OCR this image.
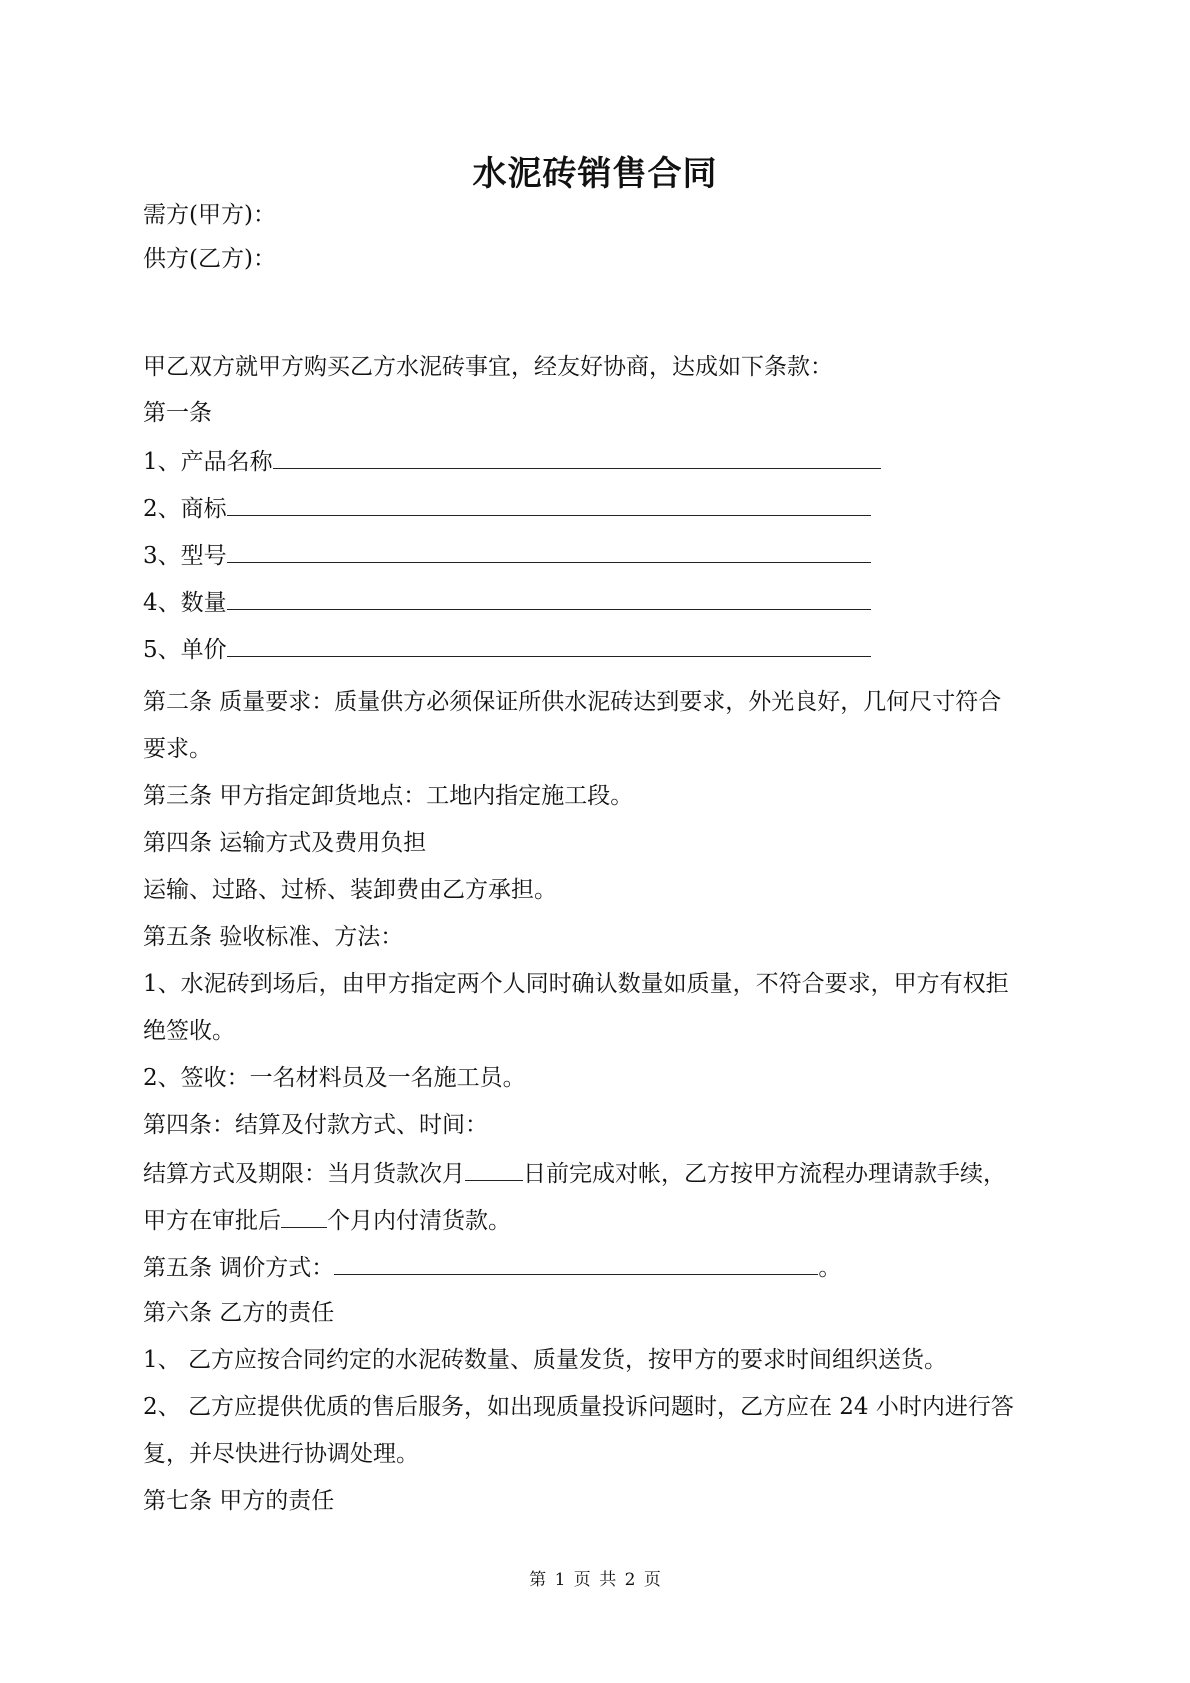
水泥砖销售合同
需方(甲方)：
供方(乙方)：
甲乙双方就甲方购买乙方水泥砖事宜，经友好协商，达成如下条款：
第一条
1、产品名称
2、商标
3、型号
4、数量
5、单价
第二条 质量要求：质量供方必须保证所供水泥砖达到要求，外光良好，几何尺寸符合
要求。
第三条 甲方指定卸货地点：工地内指定施工段。
第四条 运输方式及费用负担
运输、过路、过桥、装卸费由乙方承担。
第五条 验收标准、方法：
1、水泥砖到场后，由甲方指定两个人同时确认数量如质量，不符合要求，甲方有权拒
绝签收。
2、签收：一名材料员及一名施工员。
第四条：结算及付款方式、时间：
结算方式及期限：当月货款次月	日前完成对帐，乙方按甲方流程办理请款手续，
甲方在审批后 个月内付清货款。
第五条 调价方式：	。
第六条 乙方的责任
1、 乙方应按合同约定的水泥砖数量、质量发货，按甲方的要求时间组织送货。
2、 乙方应提供优质的售后服务，如出现质量投诉问题时，乙方应在 24 小时内进行答
复，并尽快进行协调处理。
第七条 甲方的责任
第 1 页 共 2 页
